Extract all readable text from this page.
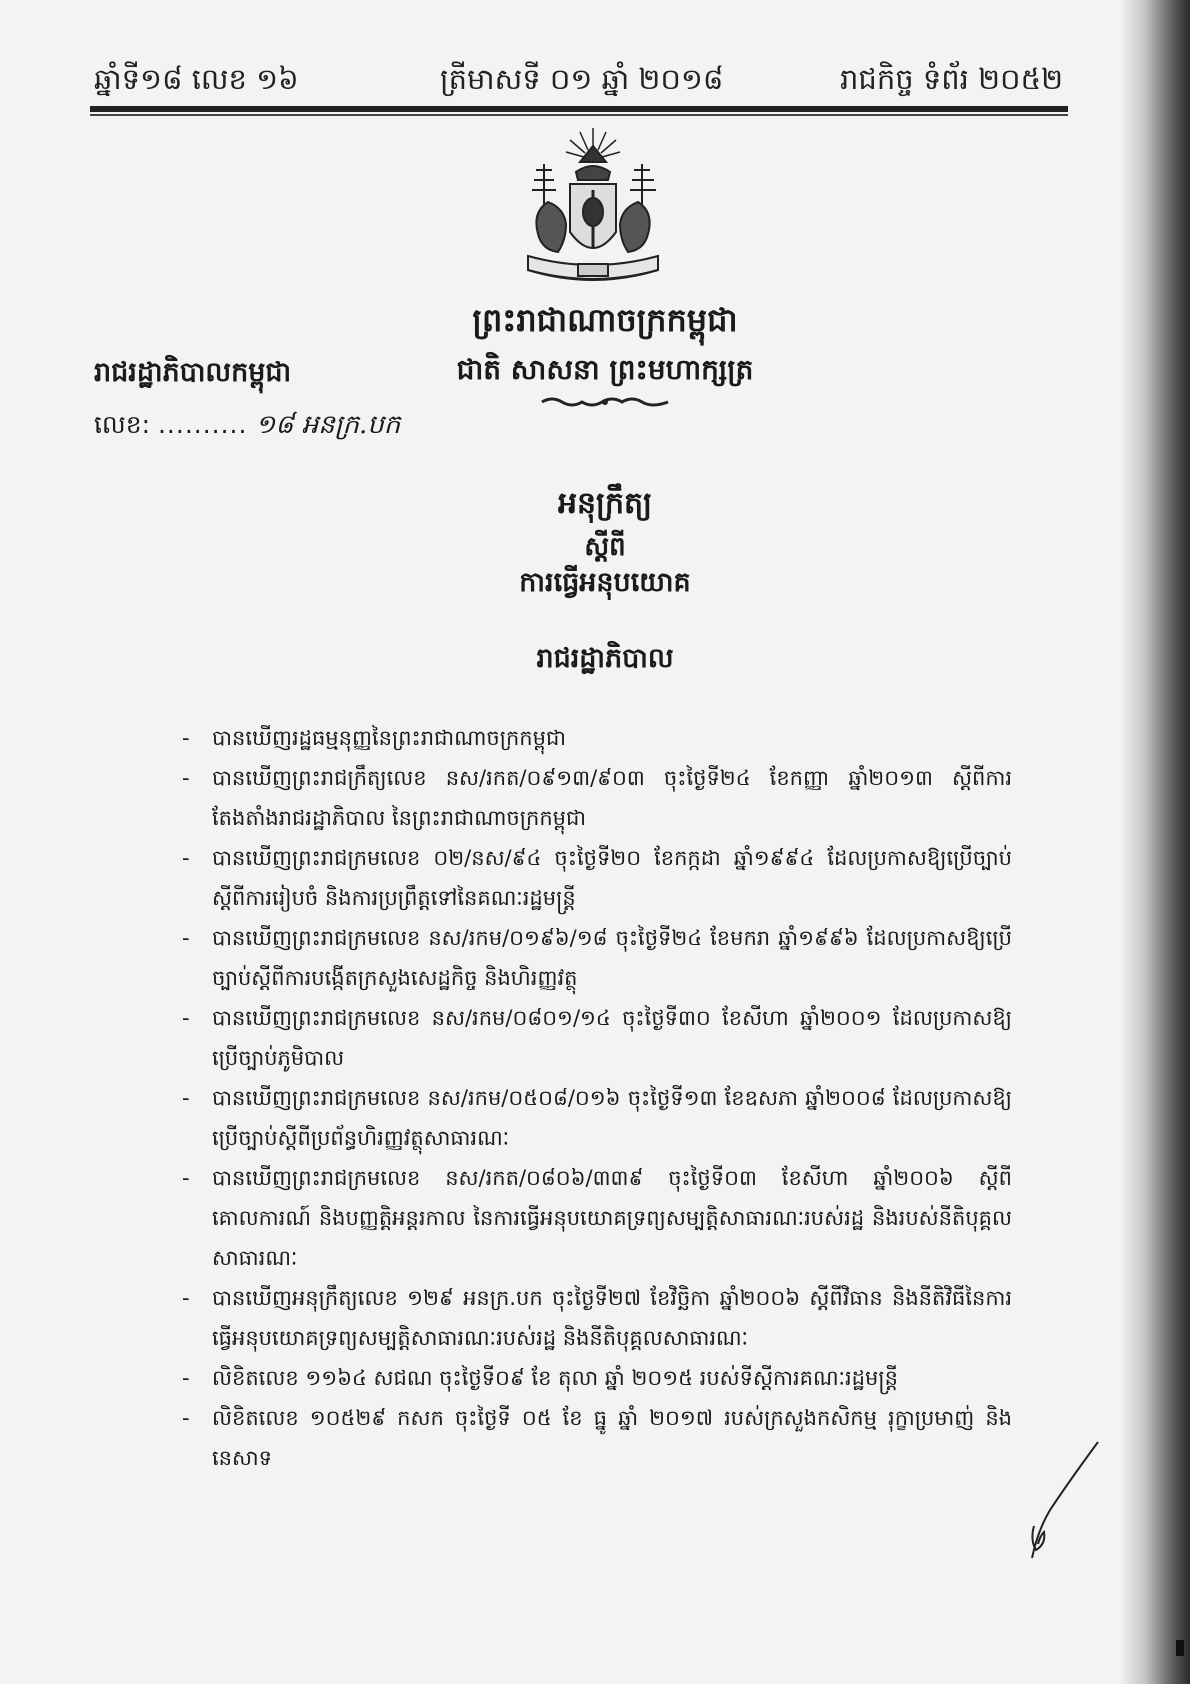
ឆ្នាំទី១៨ លេខ ១៦	ត្រីមាសទី ០១ ឆ្នាំ ២០១៨	រាជកិច្ច ទំព័រ ២០៥២
ព្រះរាជាណាចក្រកម្ពុជា
ជាតិ សាសនា ព្រះមហាក្សត្រ
រាជរដ្ឋាភិបាលកម្ពុជា
លេខ: .......... ១៨ អនក្រ.បក
អនុក្រឹត្យ
ស្តីពី
ការធ្វើអនុបយោគ
រាជរដ្ឋាភិបាល
- បានឃើញរដ្ឋធម្មនុញ្ញនៃព្រះរាជាណាចក្រកម្ពុជា
- បានឃើញព្រះរាជក្រឹត្យលេខ នស/រកត/០៩១៣/៩០៣ ចុះថ្ងៃទី២៤ ខែកញ្ញា ឆ្នាំ២០១៣ ស្តីពីការតែងតាំងរាជរដ្ឋាភិបាល នៃព្រះរាជាណាចក្រកម្ពុជា
- បានឃើញព្រះរាជក្រមលេខ ០២/នស/៩៤ ចុះថ្ងៃទី២០ ខែកក្កដា ឆ្នាំ១៩៩៤ ដែលប្រកាសឱ្យប្រើច្បាប់ ស្តីពីការរៀបចំ និងការប្រព្រឹត្តទៅនៃគណៈរដ្ឋមន្ត្រី
- បានឃើញព្រះរាជក្រមលេខ នស/រកម/០១៩៦/១៨ ចុះថ្ងៃទី២៤ ខែមករា ឆ្នាំ១៩៩៦ ដែលប្រកាសឱ្យប្រើច្បាប់ស្តីពីការបង្កើតក្រសួងសេដ្ឋកិច្ច និងហិរញ្ញវត្ថុ
- បានឃើញព្រះរាជក្រមលេខ នស/រកម/០៨០១/១៤ ចុះថ្ងៃទី៣០ ខែសីហា ឆ្នាំ២០០១ ដែលប្រកាសឱ្យប្រើច្បាប់ភូមិបាល
- បានឃើញព្រះរាជក្រមលេខ នស/រកម/០៥០៨/០១៦ ចុះថ្ងៃទី១៣ ខែឧសភា ឆ្នាំ២០០៨ ដែលប្រកាសឱ្យប្រើច្បាប់ស្តីពីប្រព័ន្ធហិរញ្ញវត្ថុសាធារណៈ
- បានឃើញព្រះរាជក្រមលេខ នស/រកត/០៨០៦/៣៣៩ ចុះថ្ងៃទី០៣ ខែសីហា ឆ្នាំ២០០៦ ស្តីពីគោលការណ៍ និងបញ្ញត្តិអន្តរកាល នៃការធ្វើអនុបយោគទ្រព្យសម្បត្តិសាធារណៈរបស់រដ្ឋ និងរបស់នីតិបុគ្គលសាធារណៈ
- បានឃើញអនុក្រឹត្យលេខ ១២៩ អនក្រ.បក ចុះថ្ងៃទី២៧ ខែវិច្ឆិកា ឆ្នាំ២០០៦ ស្តីពីវិធាន និងនីតិវិធីនៃការធ្វើអនុបយោគទ្រព្យសម្បត្តិសាធារណៈរបស់រដ្ឋ និងនីតិបុគ្គលសាធារណៈ
- លិខិតលេខ ១១៦៤ សជណ ចុះថ្ងៃទី០៩ ខែ តុលា ឆ្នាំ ២០១៥ របស់ទីស្តីការគណៈរដ្ឋមន្ត្រី
- លិខិតលេខ ១០៥២៩ កសក ចុះថ្ងៃទី ០៥ ខែ ធ្នូ ឆ្នាំ ២០១៧ របស់ក្រសួងកសិកម្ម រុក្ខាប្រមាញ់ និងនេសាទ
